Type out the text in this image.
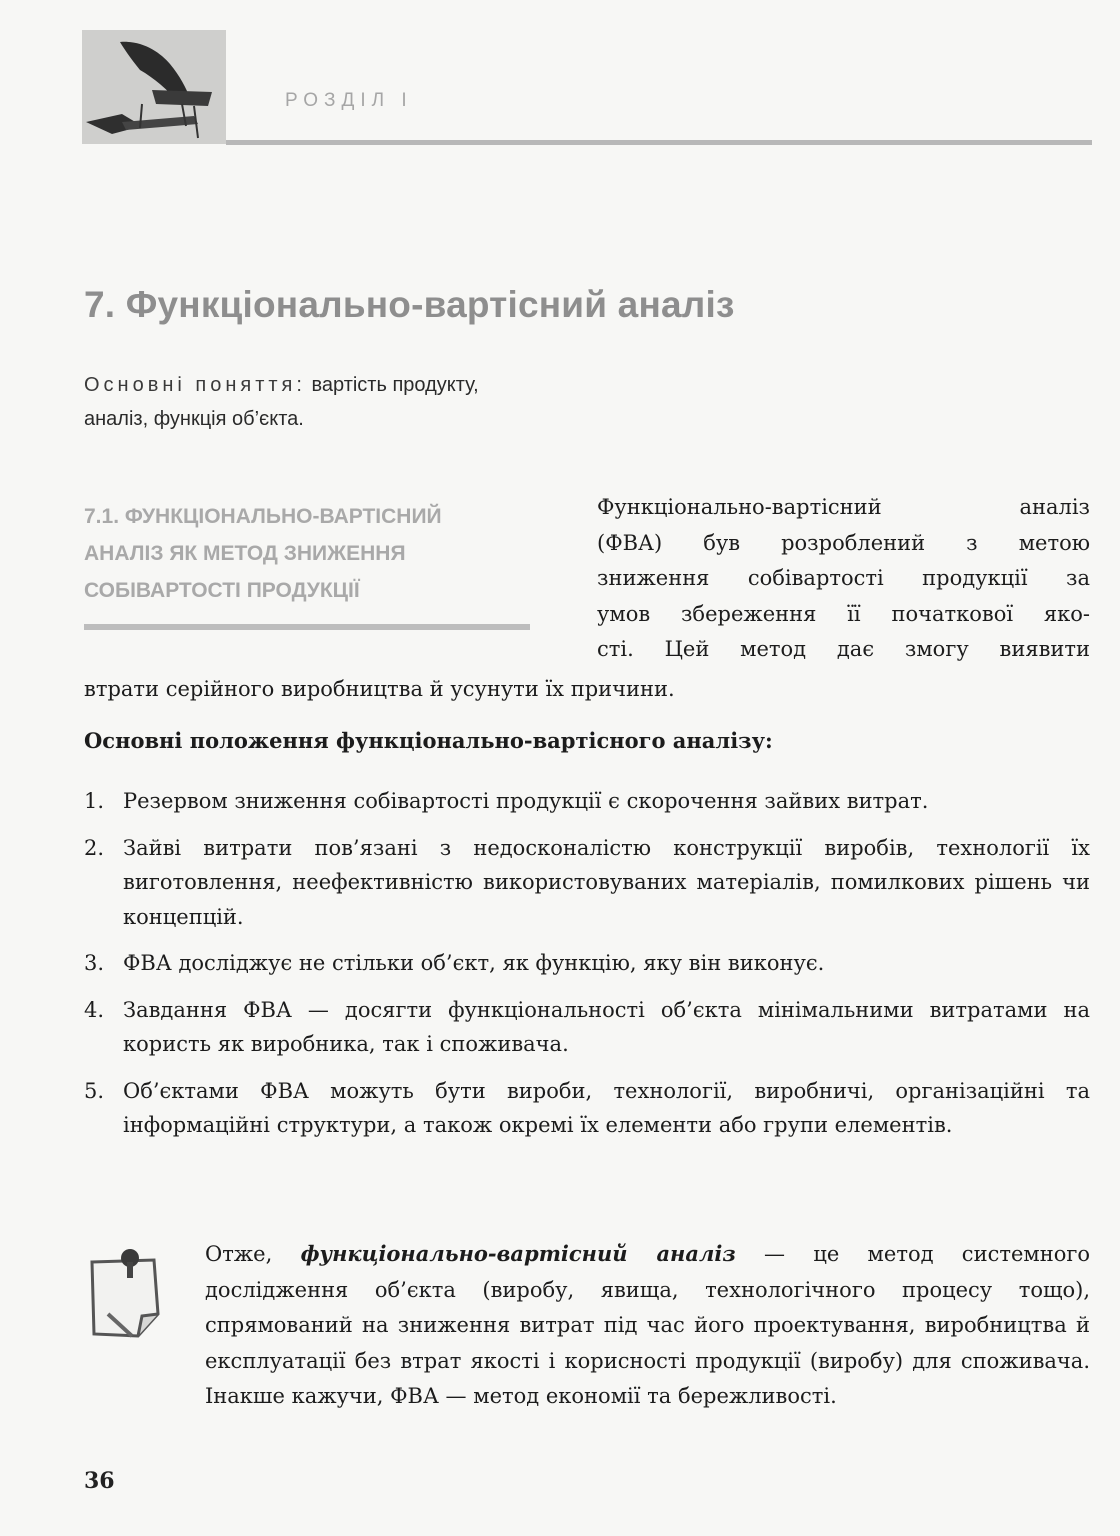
РОЗДІЛ І
7. Функціонально-вартісний аналіз
Основні поняття: вартість продукту,
аналіз, функція об’єкта.
7.1. ФУНКЦІОНАЛЬНО-ВАРТІСНИЙ
АНАЛІЗ ЯК МЕТОД ЗНИЖЕННЯ
СОБІВАРТОСТІ ПРОДУКЦІЇ
Функціонально-вартісний аналіз
(ФВА) був розроблений з метою
зниження собівартості продукції за
умов збереження її початкової яко-
сті. Цей метод дає змогу виявити
втрати серійного виробництва й усунути їх причини.
Основні положення функціонально-вартісного аналізу:
1. Резервом зниження собівартості продукції є скорочення зайвих витрат.
2. Зайві витрати пов’язані з недосконалістю конструкції виробів, технології їх виготовлення, неефективністю використовуваних матеріалів, помилкових рішень чи концепцій.
3. ФВА досліджує не стільки об’єкт, як функцію, яку він виконує.
4. Завдання ФВА — досягти функціональності об’єкта мінімальними витратами на користь як виробника, так і споживача.
5. Об’єктами ФВА можуть бути вироби, технології, виробничі, організаційні та інформаційні структури, а також окремі їх елементи або групи елементів.
Отже, функціонально-вартісний аналіз — це метод системного дослідження об’єкта (виробу, явища, технологічного процесу тощо), спрямований на зниження витрат під час його проектування, виробництва й експлуатації без втрат якості і корисності продукції (виробу) для споживача. Інакше кажучи, ФВА — метод економії та бережливості.
36
